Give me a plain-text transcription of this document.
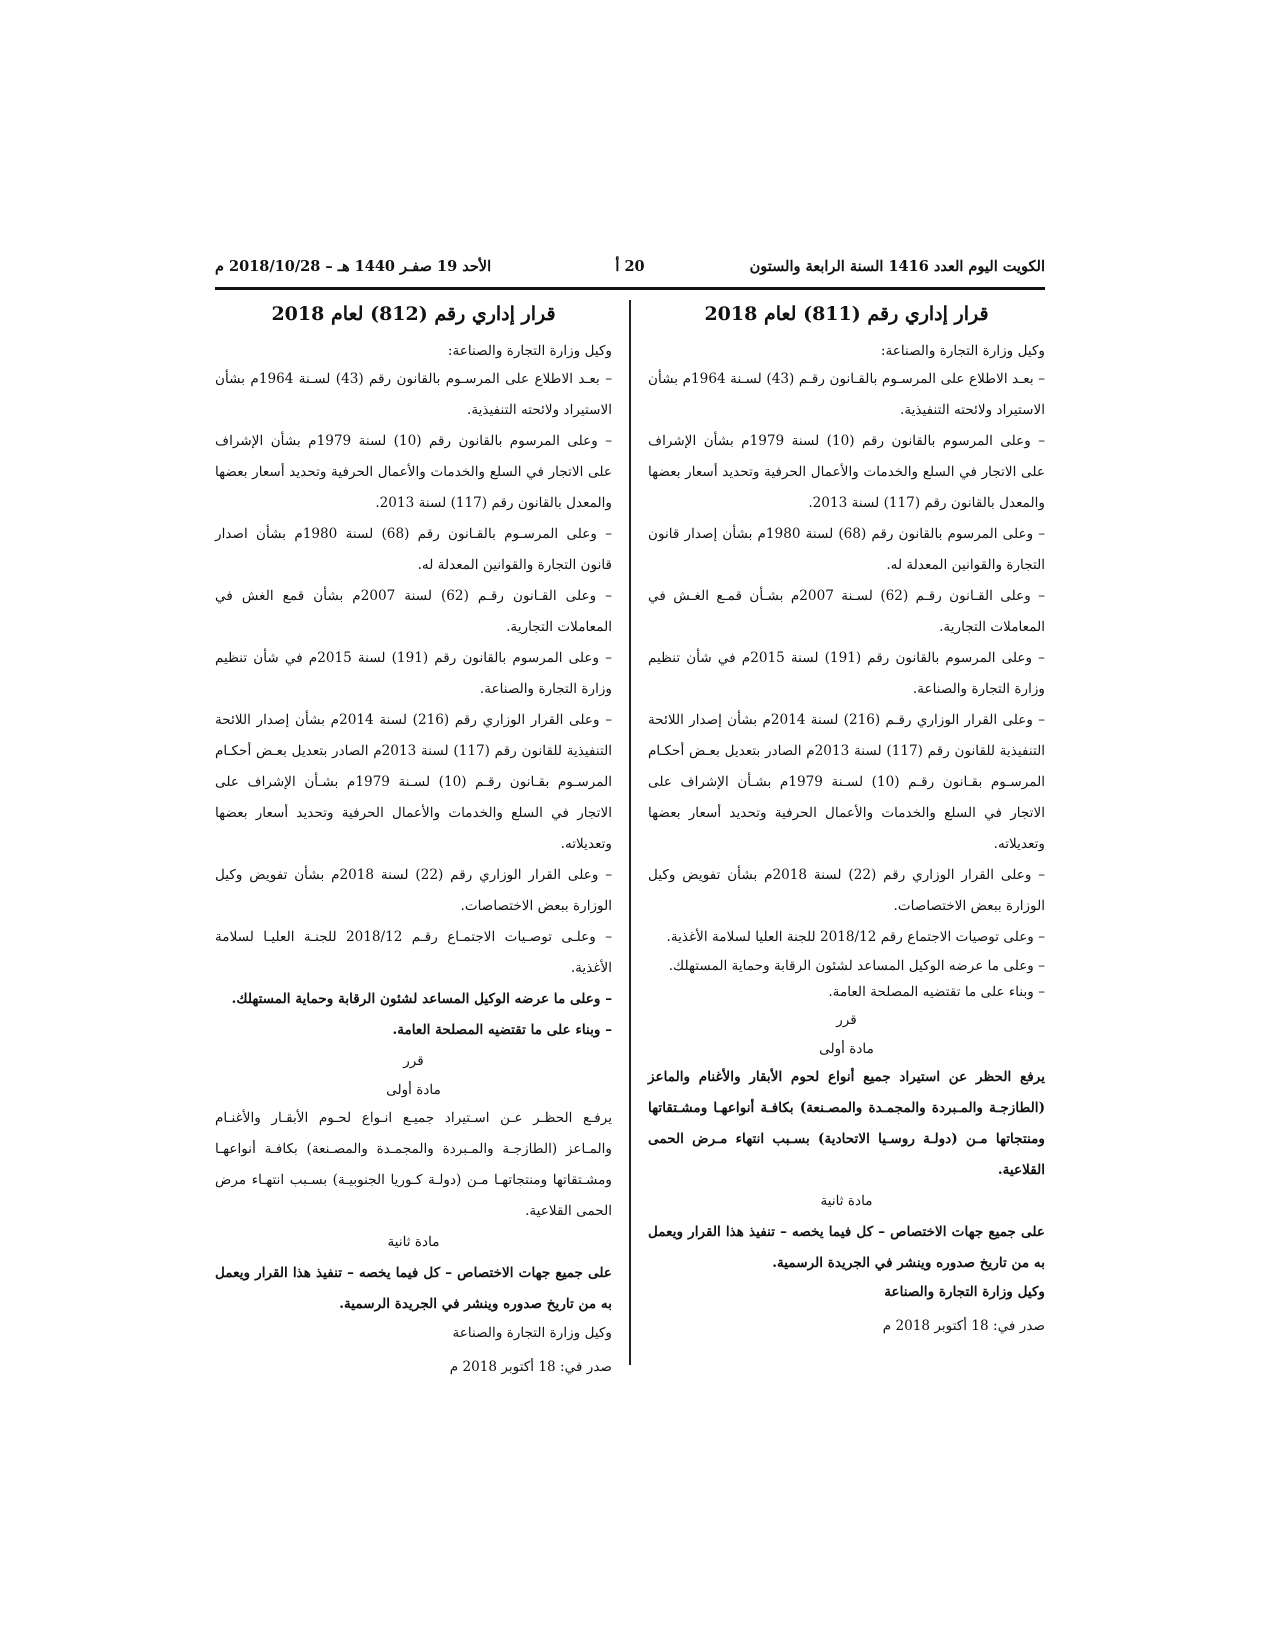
الكويت اليوم العدد 1416 السنة الرابعة والستون
20 أ
الأحد 19 صفـر 1440 هـ – 2018/10/28 م
قرار إداري رقم (811) لعام 2018

وكيل وزارة التجارة والصناعة:

– بعـد الاطلاع على المرسـوم بالقـانون رقـم (43) لسـنة 1964م بشأن الاستيراد ولائحته التنفيذية.

– وعلى المرسوم بالقانون رقم (10) لسنة 1979م بشأن الإشراف على الاتجار في السلع والخدمات والأعمال الحرفية وتحديد أسعار بعضها والمعدل بالقانون رقم (117) لسنة 2013.

– وعلى المرسوم بالقانون رقم (68) لسنة 1980م بشأن إصدار قانون التجارة والقوانين المعدلة له.

– وعلى القـانون رقـم (62) لسـنة 2007م بشـأن قمـع الغـش في المعاملات التجارية.

– وعلى المرسوم بالقانون رقم (191) لسنة 2015م في شأن تنظيم وزارة التجارة والصناعة.

– وعلى القرار الوزاري رقـم (216) لسنة 2014م بشأن إصدار اللائحة التنفيذية للقانون رقم (117) لسنة 2013م الصادر بتعديل بعـض أحكـام المرسـوم بقـانون رقـم (10) لسـنة 1979م بشـأن الإشراف على الاتجار في السلع والخدمات والأعمال الحرفية وتحديد أسعار بعضها وتعديلاته.

– وعلى القرار الوزاري رقم (22) لسنة 2018م بشأن تفويض وكيل الوزارة ببعض الاختصاصات.

– وعلى توصيات الاجتماع رقم 2018/12 للجنة العليا لسلامة الأغذية.

– وعلى ما عرضه الوكيل المساعد لشئون الرقابة وحماية المستهلك.

– وبناء على ما تقتضيه المصلحة العامة.

قرر

مادة أولى

يرفع الحظر عن استيراد جميع أنواع لحوم الأبقار والأغنام والماعز (الطازجـة والمـبردة والمجمـدة والمصـنعة) بكافـة أنواعهـا ومشـتقاتها ومنتجاتها مـن (دولـة روسـيا الاتحادية) بسـبب انتهاء مـرض الحمى القلاعية.

مادة ثانية

على جميع جهات الاختصاص – كل فيما يخصه – تنفيذ هذا القرار ويعمل به من تاريخ صدوره وينشر في الجريدة الرسمية.

وكيل وزارة التجارة والصناعة

صدر في: 18 أكتوبر 2018 م

قرار إداري رقم (812) لعام 2018

وكيل وزارة التجارة والصناعة:

– بعـد الاطلاع على المرسـوم بالقانون رقم (43) لسـنة 1964م بشأن الاستيراد ولائحته التنفيذية.

– وعلى المرسوم بالقانون رقم (10) لسنة 1979م بشأن الإشراف على الاتجار في السلع والخدمات والأعمال الحرفية وتحديد أسعار بعضها والمعدل بالقانون رقم (117) لسنة 2013.

– وعلى المرسـوم بالقـانون رقم (68) لسنة 1980م بشأن اصدار قانون التجارة والقوانين المعدلة له.

– وعلى القـانون رقـم (62) لسنة 2007م بشأن قمع الغش في المعاملات التجارية.

– وعلى المرسوم بالقانون رقم (191) لسنة 2015م في شأن تنظيم وزارة التجارة والصناعة.

– وعلى القرار الوزاري رقم (216) لسنة 2014م بشأن إصدار اللائحة التنفيذية للقانون رقم (117) لسنة 2013م الصادر بتعديل بعـض أحكـام المرسـوم بقـانون رقـم (10) لسـنة 1979م بشـأن الإشراف على الاتجار في السلع والخدمات والأعمال الحرفية وتحديد أسعار بعضها وتعديلاته.

– وعلى القرار الوزاري رقم (22) لسنة 2018م بشأن تفويض وكيل الوزارة ببعض الاختصاصات.

– وعلـى توصـيات الاجتمـاع رقـم 2018/12 للجنـة العليـا لسلامة الأغذية.

– وعلى ما عرضه الوكيل المساعد لشئون الرقابة وحماية المستهلك.

– وبناء على ما تقتضيه المصلحة العامة.

قرر

مادة أولى

يرفـع الحظـر عـن اسـتيراد جميـع انـواع لحـوم الأبقـار والأغنـام والمـاعز (الطازجـة والمـبردة والمجمـدة والمصـنعة) بكافـة أنواعهـا ومشـتقاتها ومنتجاتهـا مـن (دولـة كـوريا الجنوبيـة) بسـبب انتهـاء مرض الحمى القلاعية.

مادة ثانية

على جميع جهات الاختصاص – كل فيما يخصه – تنفيذ هذا القرار ويعمل به من تاريخ صدوره وينشر في الجريدة الرسمية.

وكيل وزارة التجارة والصناعة

صدر في: 18 أكتوبر 2018 م
